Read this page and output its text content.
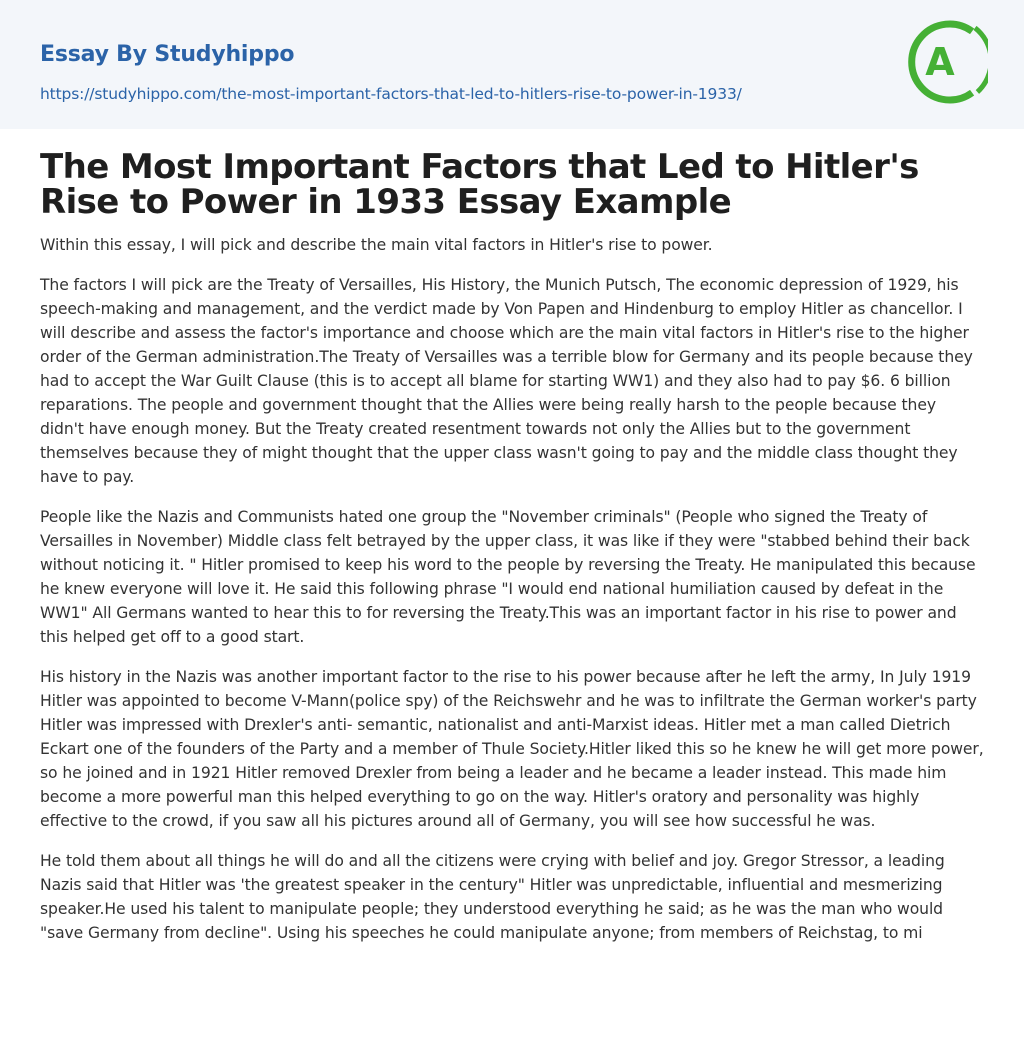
Essay By Studyhippo
https://studyhippo.com/the-most-important-factors-that-led-to-hitlers-rise-to-power-in-1933/
A
The Most Important Factors that Led to Hitler's Rise to Power in 1933 Essay Example

Within this essay, I will pick and describe the main vital factors in Hitler's rise to power.

The factors I will pick are the Treaty of Versailles, His History, the Munich Putsch, The economic depression of 1929, his speech-making and management, and the verdict made by Von Papen and Hindenburg to employ Hitler as chancellor. I will describe and assess the factor's importance and choose which are the main vital factors in Hitler's rise to the higher order of the German administration.The Treaty of Versailles was a terrible blow for Germany and its people because they had to accept the War Guilt Clause (this is to accept all blame for starting WW1) and they also had to pay $6. 6 billion reparations. The people and government thought that the Allies were being really harsh to the people because they didn't have enough money. But the Treaty created resentment towards not only the Allies but to the government themselves because they of might thought that the upper class wasn't going to pay and the middle class thought they have to pay.

People like the Nazis and Communists hated one group the "November criminals" (People who signed the Treaty of Versailles in November) Middle class felt betrayed by the upper class, it was like if they were "stabbed behind their back without noticing it. " Hitler promised to keep his word to the people by reversing the Treaty. He manipulated this because he knew everyone will love it. He said this following phrase "I would end national humiliation caused by defeat in the WW1" All Germans wanted to hear this to for reversing the Treaty.This was an important factor in his rise to power and this helped get off to a good start.

His history in the Nazis was another important factor to the rise to his power because after he left the army, In July 1919 Hitler was appointed to become V-Mann(police spy) of the Reichswehr and he was to infiltrate the German worker's party Hitler was impressed with Drexler's anti- semantic, nationalist and anti-Marxist ideas. Hitler met a man called Dietrich Eckart one of the founders of the Party and a member of Thule Society.Hitler liked this so he knew he will get more power, so he joined and in 1921 Hitler removed Drexler from being a leader and he became a leader instead. This made him become a more powerful man this helped everything to go on the way. Hitler's oratory and personality was highly effective to the crowd, if you saw all his pictures around all of Germany, you will see how successful he was.

He told them about all things he will do and all the citizens were crying with belief and joy. Gregor Stressor, a leading Nazis said that Hitler was 'the greatest speaker in the century" Hitler was unpredictable, influential and mesmerizing speaker.He used his talent to manipulate people; they understood everything he said; as he was the man who would "save Germany from decline". Using his speeches he could manipulate anyone; from members of Reichstag, to mi
